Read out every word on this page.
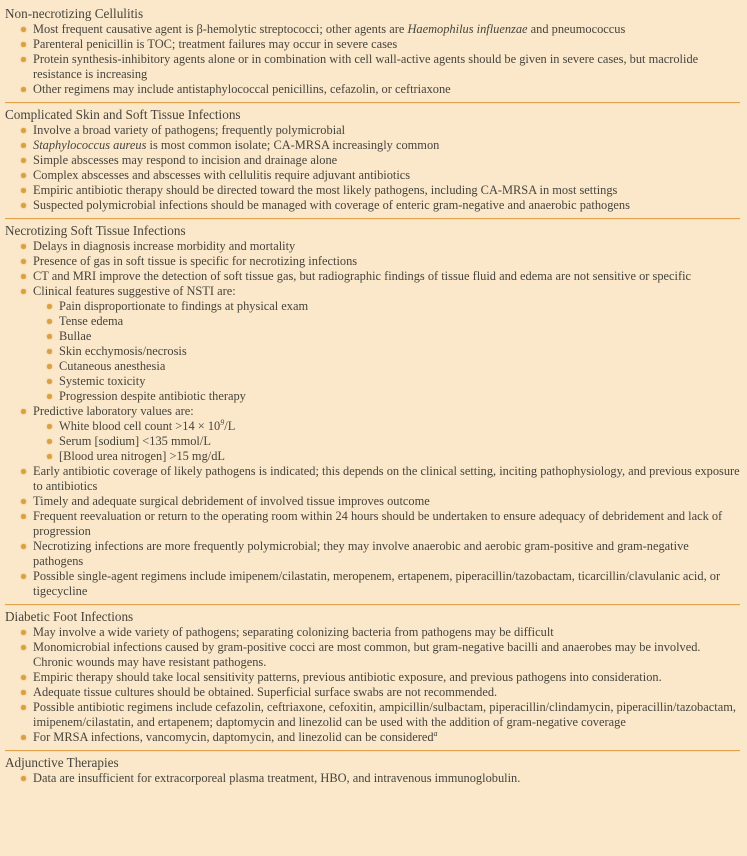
Non-necrotizing Cellulitis
Most frequent causative agent is β-hemolytic streptococci; other agents are Haemophilus influenzae and pneumococcus
Parenteral penicillin is TOC; treatment failures may occur in severe cases
Protein synthesis-inhibitory agents alone or in combination with cell wall-active agents should be given in severe cases, but macrolide resistance is increasing
Other regimens may include antistaphylococcal penicillins, cefazolin, or ceftriaxone
Complicated Skin and Soft Tissue Infections
Involve a broad variety of pathogens; frequently polymicrobial
Staphylococcus aureus is most common isolate; CA-MRSA increasingly common
Simple abscesses may respond to incision and drainage alone
Complex abscesses and abscesses with cellulitis require adjuvant antibiotics
Empiric antibiotic therapy should be directed toward the most likely pathogens, including CA-MRSA in most settings
Suspected polymicrobial infections should be managed with coverage of enteric gram-negative and anaerobic pathogens
Necrotizing Soft Tissue Infections
Delays in diagnosis increase morbidity and mortality
Presence of gas in soft tissue is specific for necrotizing infections
CT and MRI improve the detection of soft tissue gas, but radiographic findings of tissue fluid and edema are not sensitive or specific
Clinical features suggestive of NSTI are:
Pain disproportionate to findings at physical exam
Tense edema
Bullae
Skin ecchymosis/necrosis
Cutaneous anesthesia
Systemic toxicity
Progression despite antibiotic therapy
Predictive laboratory values are:
White blood cell count $>14 \times 10^9/L$
Serum [sodium] <135 mmol/L
[Blood urea nitrogen] >15 mg/dL
Early antibiotic coverage of likely pathogens is indicated; this depends on the clinical setting, inciting pathophysiology, and previous exposure to antibiotics
Timely and adequate surgical debridement of involved tissue improves outcome
Frequent reevaluation or return to the operating room within 24 hours should be undertaken to ensure adequacy of debridement and lack of progression
Necrotizing infections are more frequently polymicrobial; they may involve anaerobic and aerobic gram-positive and gram-negative pathogens
Possible single-agent regimens include imipenem/cilastatin, meropenem, ertapenem, piperacillin/tazobactam, ticarcillin/clavulanic acid, or tigecycline
Diabetic Foot Infections
May involve a wide variety of pathogens; separating colonizing bacteria from pathogens may be difficult
Monomicrobial infections caused by gram-positive cocci are most common, but gram-negative bacilli and anaerobes may be involved. Chronic wounds may have resistant pathogens.
Empiric therapy should take local sensitivity patterns, previous antibiotic exposure, and previous pathogens into consideration.
Adequate tissue cultures should be obtained. Superficial surface swabs are not recommended.
Possible antibiotic regimens include cefazolin, ceftriaxone, cefoxitin, ampicillin/sulbactam, piperacillin/clindamycin, piperacillin/tazobactam, imipenem/cilastatin, and ertapenem; daptomycin and linezolid can be used with the addition of gram-negative coverage
For MRSA infections, vancomycin, daptomycin, and linezolid can be considered$^a$
Adjunctive Therapies
Data are insufficient for extracorporeal plasma treatment, HBO, and intravenous immunoglobulin.
